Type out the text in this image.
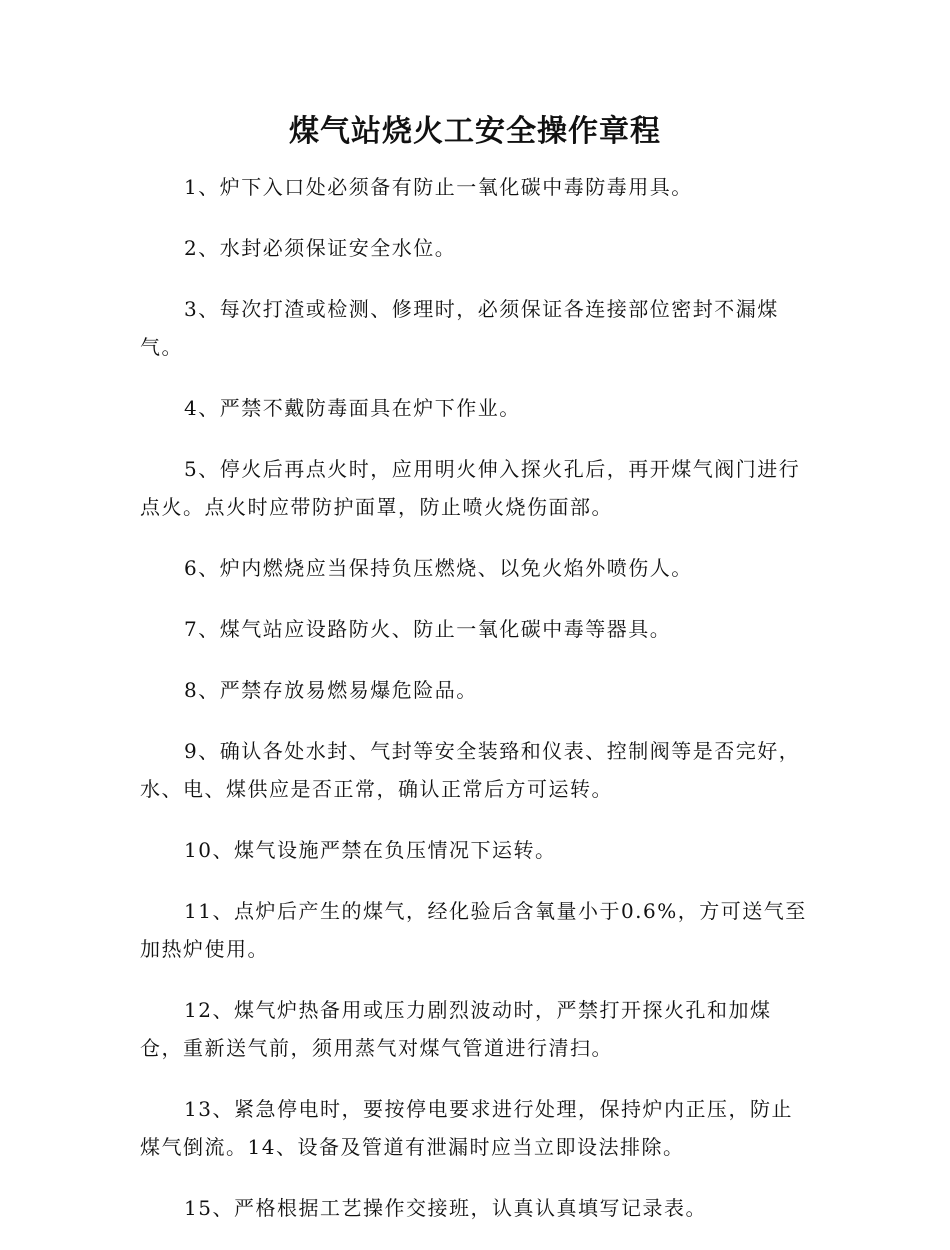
煤气站烧火工安全操作章程

1、炉下入口处必须备有防止一氧化碳中毒防毒用具。

2、水封必须保证安全水位。

3、每次打渣或检测、修理时，必须保证各连接部位密封不漏煤气。

4、严禁不戴防毒面具在炉下作业。

5、停火后再点火时，应用明火伸入探火孔后，再开煤气阀门进行点火。点火时应带防护面罩，防止喷火烧伤面部。

6、炉内燃烧应当保持负压燃烧、以免火焰外喷伤人。

7、煤气站应设路防火、防止一氧化碳中毒等器具。

8、严禁存放易燃易爆危险品。

9、确认各处水封、气封等安全装臵和仪表、控制阀等是否完好，水、电、煤供应是否正常，确认正常后方可运转。

10、煤气设施严禁在负压情况下运转。

11、点炉后产生的煤气，经化验后含氧量小于0.6%，方可送气至加热炉使用。

12、煤气炉热备用或压力剧烈波动时，严禁打开探火孔和加煤仓，重新送气前，须用蒸气对煤气管道进行清扫。

13、紧急停电时，要按停电要求进行处理，保持炉内正压，防止煤气倒流。14、设备及管道有泄漏时应当立即设法排除。

15、严格根据工艺操作交接班，认真认真填写记录表。
